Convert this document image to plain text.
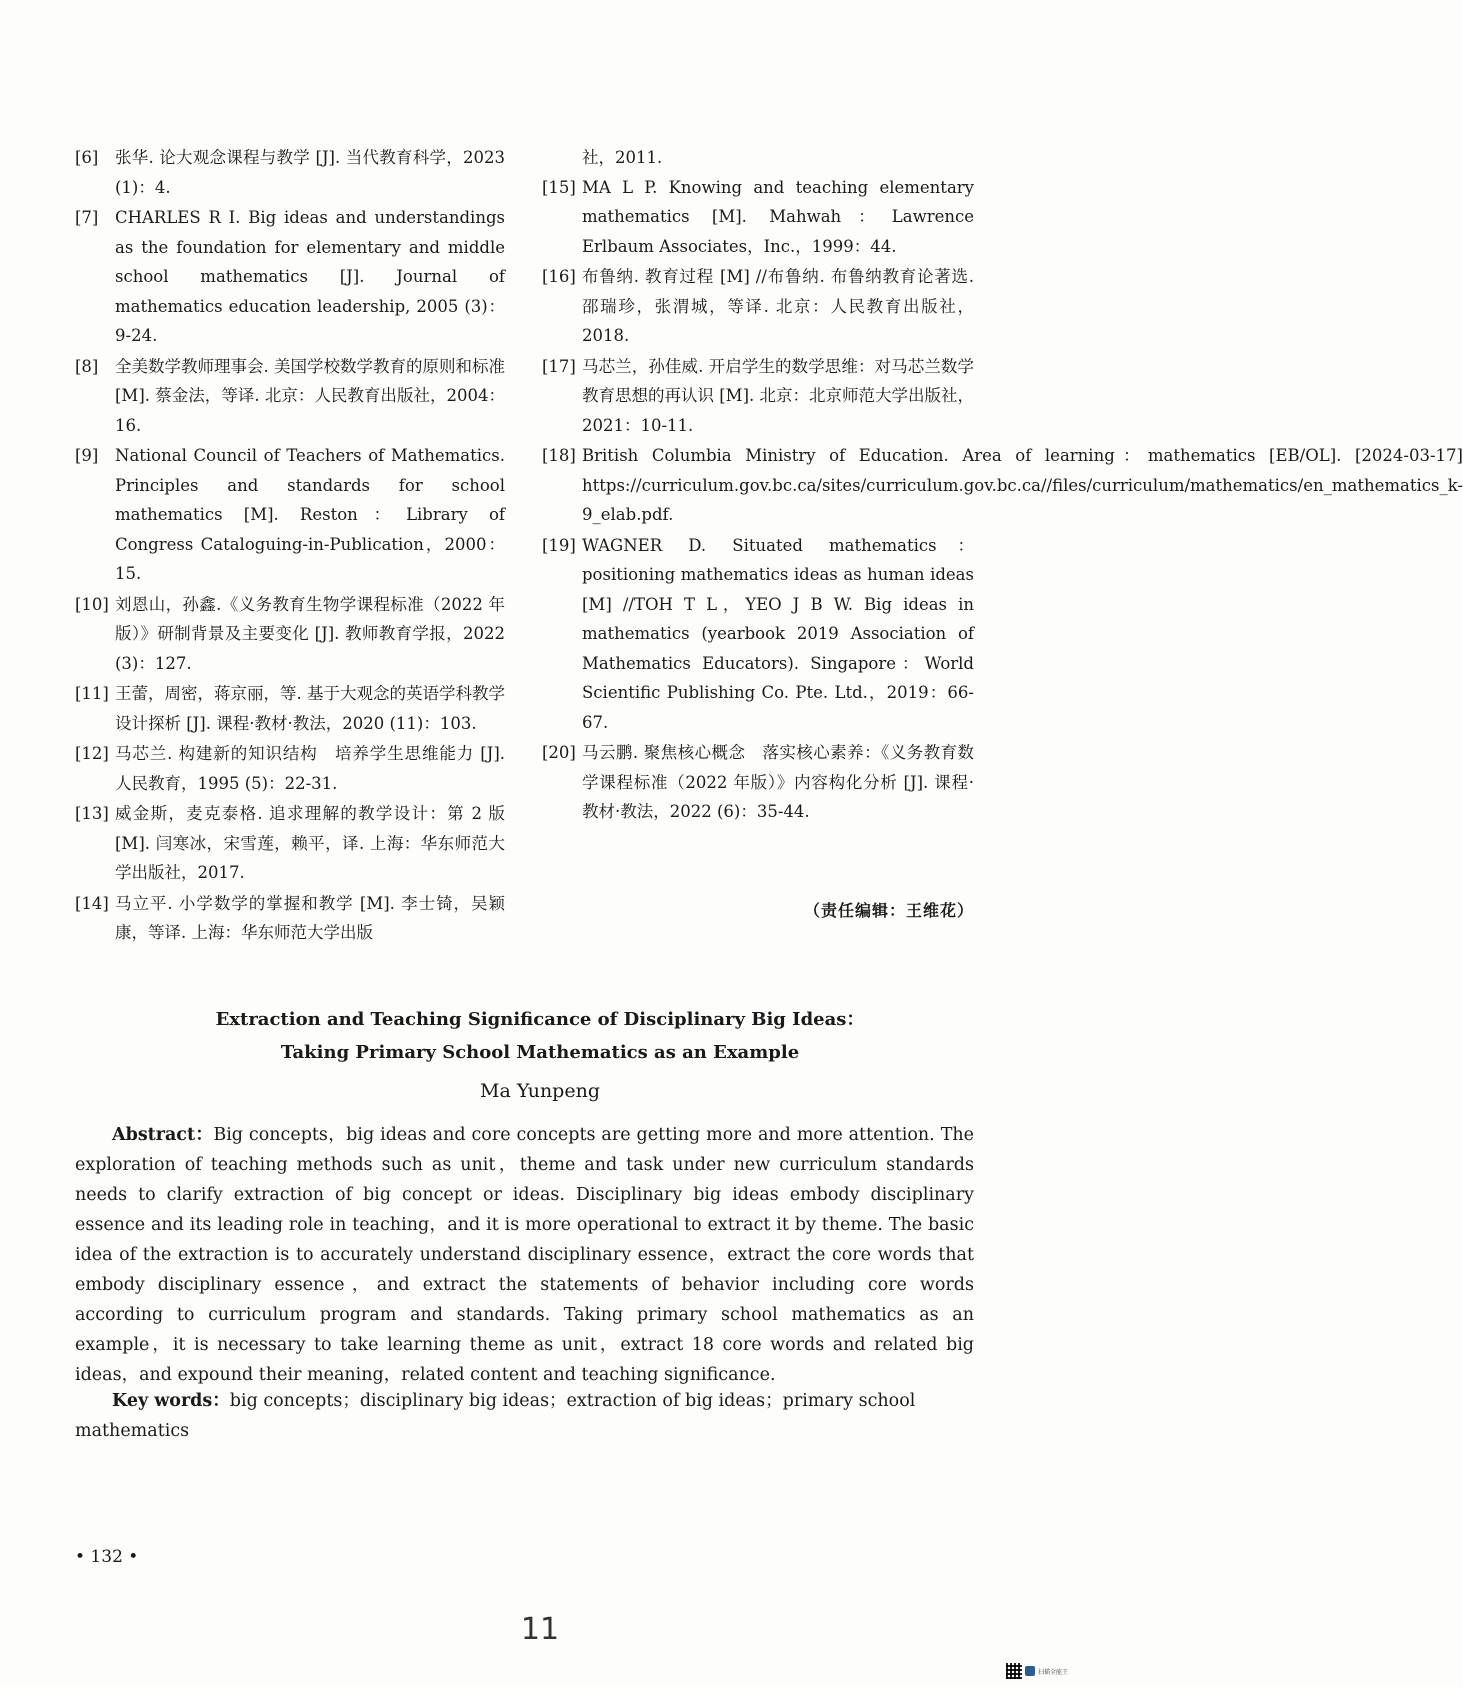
[6]	张华. 论大观念课程与教学 [J]. 当代教育科学，2023 (1)：4.
[7]	CHARLES R I. Big ideas and understandings as the foundation for elementary and middle school mathematics [J]. Journal of mathematics education leadership, 2005 (3)：9-24.
[8]	全美数学教师理事会. 美国学校数学教育的原则和标准 [M]. 蔡金法，等译. 北京：人民教育出版社，2004：16.
[9]	National Council of Teachers of Mathematics. Principles and standards for school mathematics [M]. Reston：Library of Congress Cataloguing-in-Publication，2000：15.
[10] 刘恩山，孙鑫.《义务教育生物学课程标准（2022 年版）》研制背景及主要变化 [J]. 教师教育学报，2022 (3)：127.
[11] 王蕾，周密，蒋京丽，等. 基于大观念的英语学科教学设计探析 [J]. 课程·教材·教法，2020 (11)：103.
[12] 马芯兰. 构建新的知识结构　培养学生思维能力 [J]. 人民教育，1995 (5)：22-31.
[13] 威金斯，麦克泰格. 追求理解的教学设计：第 2 版 [M]. 闫寒冰，宋雪莲，赖平，译. 上海：华东师范大学出版社，2017.
[14] 马立平. 小学数学的掌握和教学 [M]. 李士锜，吴颖康，等译. 上海：华东师范大学出版

社，2011.

[15] MA L P. Knowing and teaching elementary mathematics [M]. Mahwah：Lawrence Erlbaum Associates，Inc.，1999：44.
[16] 布鲁纳. 教育过程 [M] //布鲁纳. 布鲁纳教育论著选. 邵瑞珍，张渭城，等译. 北京：人民教育出版社，2018.
[17] 马芯兰，孙佳威. 开启学生的数学思维：对马芯兰数学教育思想的再认识 [M]. 北京：北京师范大学出版社，2021：10-11.
[18] British Columbia Ministry of Education. Area of learning：mathematics [EB/OL]. [2024-03-17] https://curriculum.gov.bc.ca/sites/curriculum.gov.bc.ca//files/curriculum/mathematics/en_mathematics_k-9_elab.pdf.
[19] WAGNER D. Situated mathematics：positioning mathematics ideas as human ideas [M] //TOH T L，YEO J B W. Big ideas in mathematics (yearbook 2019 Association of Mathematics Educators). Singapore：World Scientific Publishing Co. Pte. Ltd.，2019：66-67.
[20] 马云鹏. 聚焦核心概念　落实核心素养：《义务教育数学课程标准（2022 年版）》内容构化分析 [J]. 课程·教材·教法，2022 (6)：35-44.
（责任编辑：王维花）
Extraction and Teaching Significance of Disciplinary Big Ideas：
Taking Primary School Mathematics as an Example
Ma Yunpeng
Abstract：Big concepts，big ideas and core concepts are getting more and more attention. The exploration of teaching methods such as unit，theme and task under new curriculum standards needs to clarify extraction of big concept or ideas. Disciplinary big ideas embody disciplinary essence and its leading role in teaching，and it is more operational to extract it by theme. The basic idea of the extraction is to accurately understand disciplinary essence，extract the core words that embody disciplinary essence，and extract the statements of behavior including core words according to curriculum program and standards. Taking primary school mathematics as an example，it is necessary to take learning theme as unit，extract 18 core words and related big ideas，and expound their meaning，related content and teaching significance.
Key words：big concepts；disciplinary big ideas；extraction of big ideas；primary school mathematics
• 132 •
11
扫描全能王
